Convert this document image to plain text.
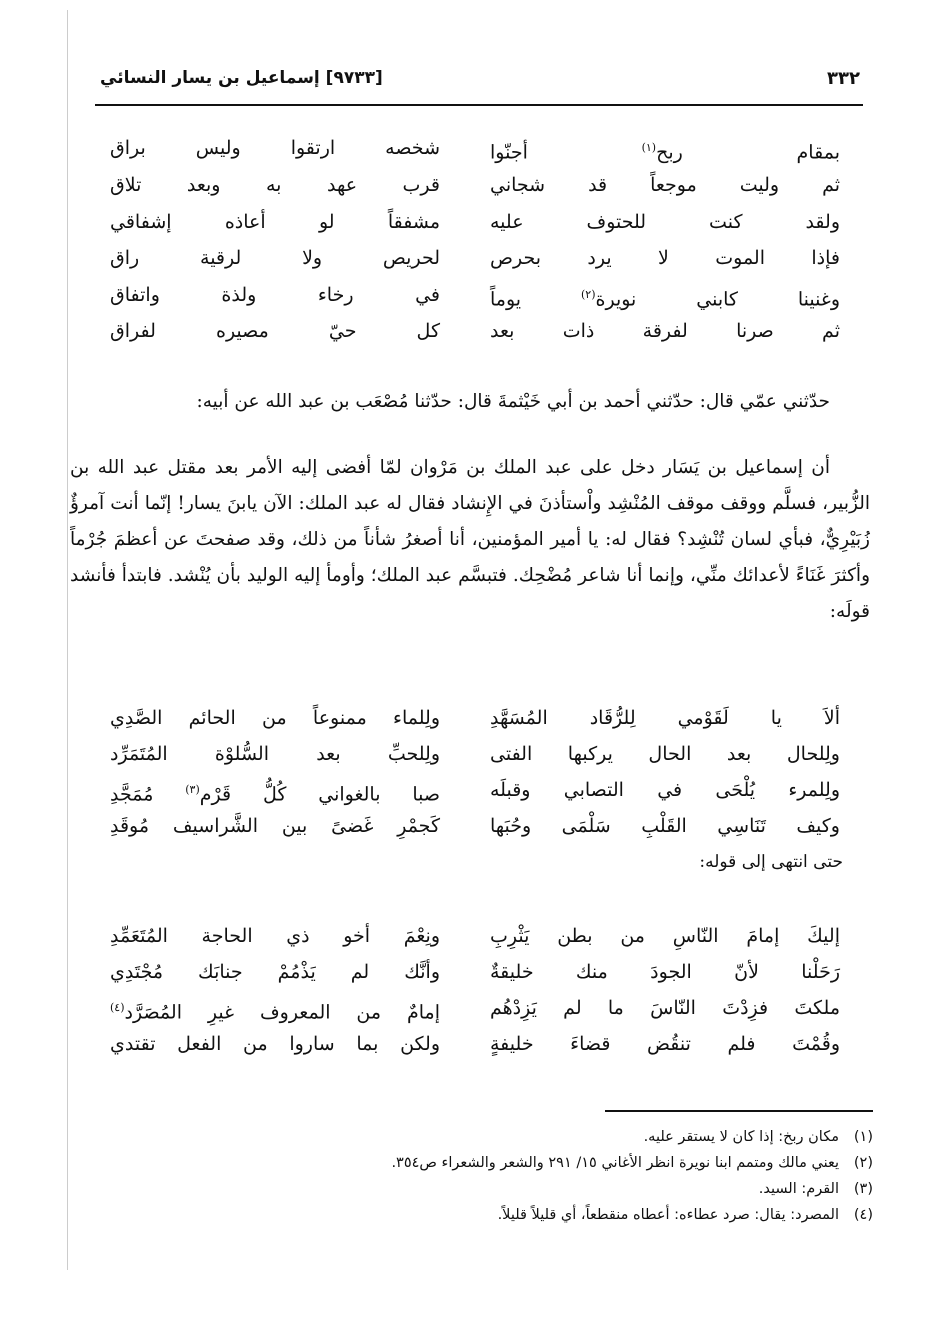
٣٣٢
[٩٧٣٣] إسماعيل بن يسار النسائي
بمقام ربح$^{(١)}$ أجنّوا
شخصه ارتقوا وليس براق
ثم وليت موجعاً قد شجاني
قرب عهد به وبعد تلاق
ولقد كنت للحتوف عليه
مشفقاً لو أعاذه إشفاقي
فإذا الموت لا يرد بحرص
لحريص ولا لرقية راق
وغنينا كابني نويرة$^{(٢)}$ يوماً
في رخاء ولذة واتفاق
ثم صرنا لفرقة ذات بعد
كل حيّ مصيره لفراق

حدّثني عمّي قال: حدّثني أحمد بن أبي خَيْثمةَ قال: حدّثنا مُصْعَب بن عبد الله عن أبيه:

أن إسماعيل بن يَسَار دخل على عبد الملك بن مَرْوان لمّا أفضى إليه الأمر بعد مقتل عبد الله بن الزُّبير، فسلَّم ووقف موقف المُنْشِد واْستأذنَ في الإِنشاد فقال له عبد الملك: الآن يابنَ يسار! إنّما أنت آمرؤٌ زُبَيْرِيٌّ، فبأي لسان تُنْشِد؟ فقال له: يا أمير المؤمنين، أنا أصغرُ شأناً من ذلك، وقد صفحتَ عن أعظمَ جُرْماً وأكثرَ غَنَاءً لأعدائك منِّي، وإنما أنا شاعر مُضْحِك. فتبسَّم عبد الملك؛ وأومأ إليه الوليد بأن يُنْشد. فابتدأ فأنشد قولَه:

ألاَ يا لَقَوْمي لِلرُّقَاد المُسَهَّدِ
ولِلماء ممنوعاً من الحائم الصَّدِي
ولِلحال بعد الحال يركبها الفتى
ولِلحبِّ بعد السُّلوْة المُتَمَرِّد
ولِلمرء يُلْحَى في التصابي وقبلَه
صبا بالغواني كُلُّ قَرْم$^{(٣)}$ مُمَجَّدِ
وكيف تَنَاسِي القَلْبِ سَلْمَى وحُبَها
كَجمْرِ غَضىً بين الشَّراسيف مُوقَدِ

حتى انتهى إلى قوله:

إليكَ إمامَ النّاسِ من بطن يَثْرِبِ
ونِعْمَ أخو ذي الحاجة المُتَعَمِّدِ
رَحَلْنا لأنّ الجودَ منك خليقةٌ
وأنَّك لم يَذْمُمْ جنابَك مُجْتَدِي
ملكتَ فزِدْتَ النّاسَ ما لم يَزِدْهُم
إمامٌ من المعروف غيرِ المُصَرَّد$^{(٤)}$
وقُمْتَ فلم تنقُض قضاءَ خليفةٍ
ولكن بما ساروا من الفعل تقتدي
(١)مكان ربخ: إذا كان لا يستقر عليه.
(٢)يعني مالك ومتمم ابنا نويرة انظر الأغاني ١٥/ ٢٩١ والشعر والشعراء ص٣٥٤.
(٣)القرم: السيد.
(٤)المصرد: يقال: صرد عطاءه: أعطاه منقطعاً، أي قليلاً قليلاً.
